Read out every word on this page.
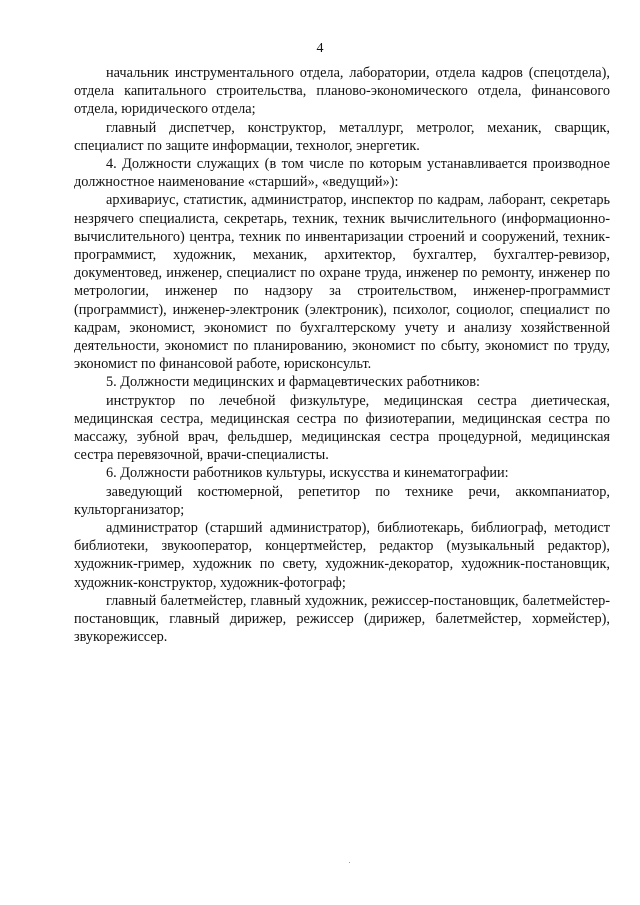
4

начальник инструментального отдела, лаборатории, отдела кадров (спецотдела), отдела капитального строительства, планово-экономического отдела, финансового отдела, юридического отдела;

главный диспетчер, конструктор, металлург, метролог, механик, сварщик, специалист по защите информации, технолог, энергетик.

4. Должности служащих (в том числе по которым устанавливается производное должностное наименование «старший», «ведущий»):

архивариус, статистик, администратор, инспектор по кадрам, лаборант, секретарь незрячего специалиста, секретарь, техник, техник вычислительного (информационно-вычислительного) центра, техник по инвентаризации строений и сооружений, техник-программист, художник, механик, архитектор, бухгалтер, бухгалтер-ревизор, документовед, инженер, специалист по охране труда, инженер по ремонту, инженер по метрологии, инженер по надзору за строительством, инженер-программист (программист), инженер-электроник (электроник), психолог, социолог, специалист по кадрам, экономист, экономист по бухгалтерскому учету и анализу хозяйственной деятельности, экономист по планированию, экономист по сбыту, экономист по труду, экономист по финансовой работе, юрисконсульт.

5. Должности медицинских и фармацевтических работников:

инструктор по лечебной физкультуре, медицинская сестра диетическая, медицинская сестра, медицинская сестра по физиотерапии, медицинская сестра по массажу, зубной врач, фельдшер, медицинская сестра процедурной, медицинская сестра перевязочной, врачи-специалисты.

6. Должности работников культуры, искусства и кинематографии:

заведующий костюмерной, репетитор по технике речи, аккомпаниатор, культорганизатор;

администратор (старший администратор), библиотекарь, библиограф, методист библиотеки, звукооператор, концертмейстер, редактор (музыкальный редактор), художник-гример, художник по свету, художник-декоратор, художник-постановщик, художник-конструктор, художник-фотограф;

главный балетмейстер, главный художник, режиссер-постановщик, балетмейстер-постановщик, главный дирижер, режиссер (дирижер, балетмейстер, хормейстер), звукорежиссер.
